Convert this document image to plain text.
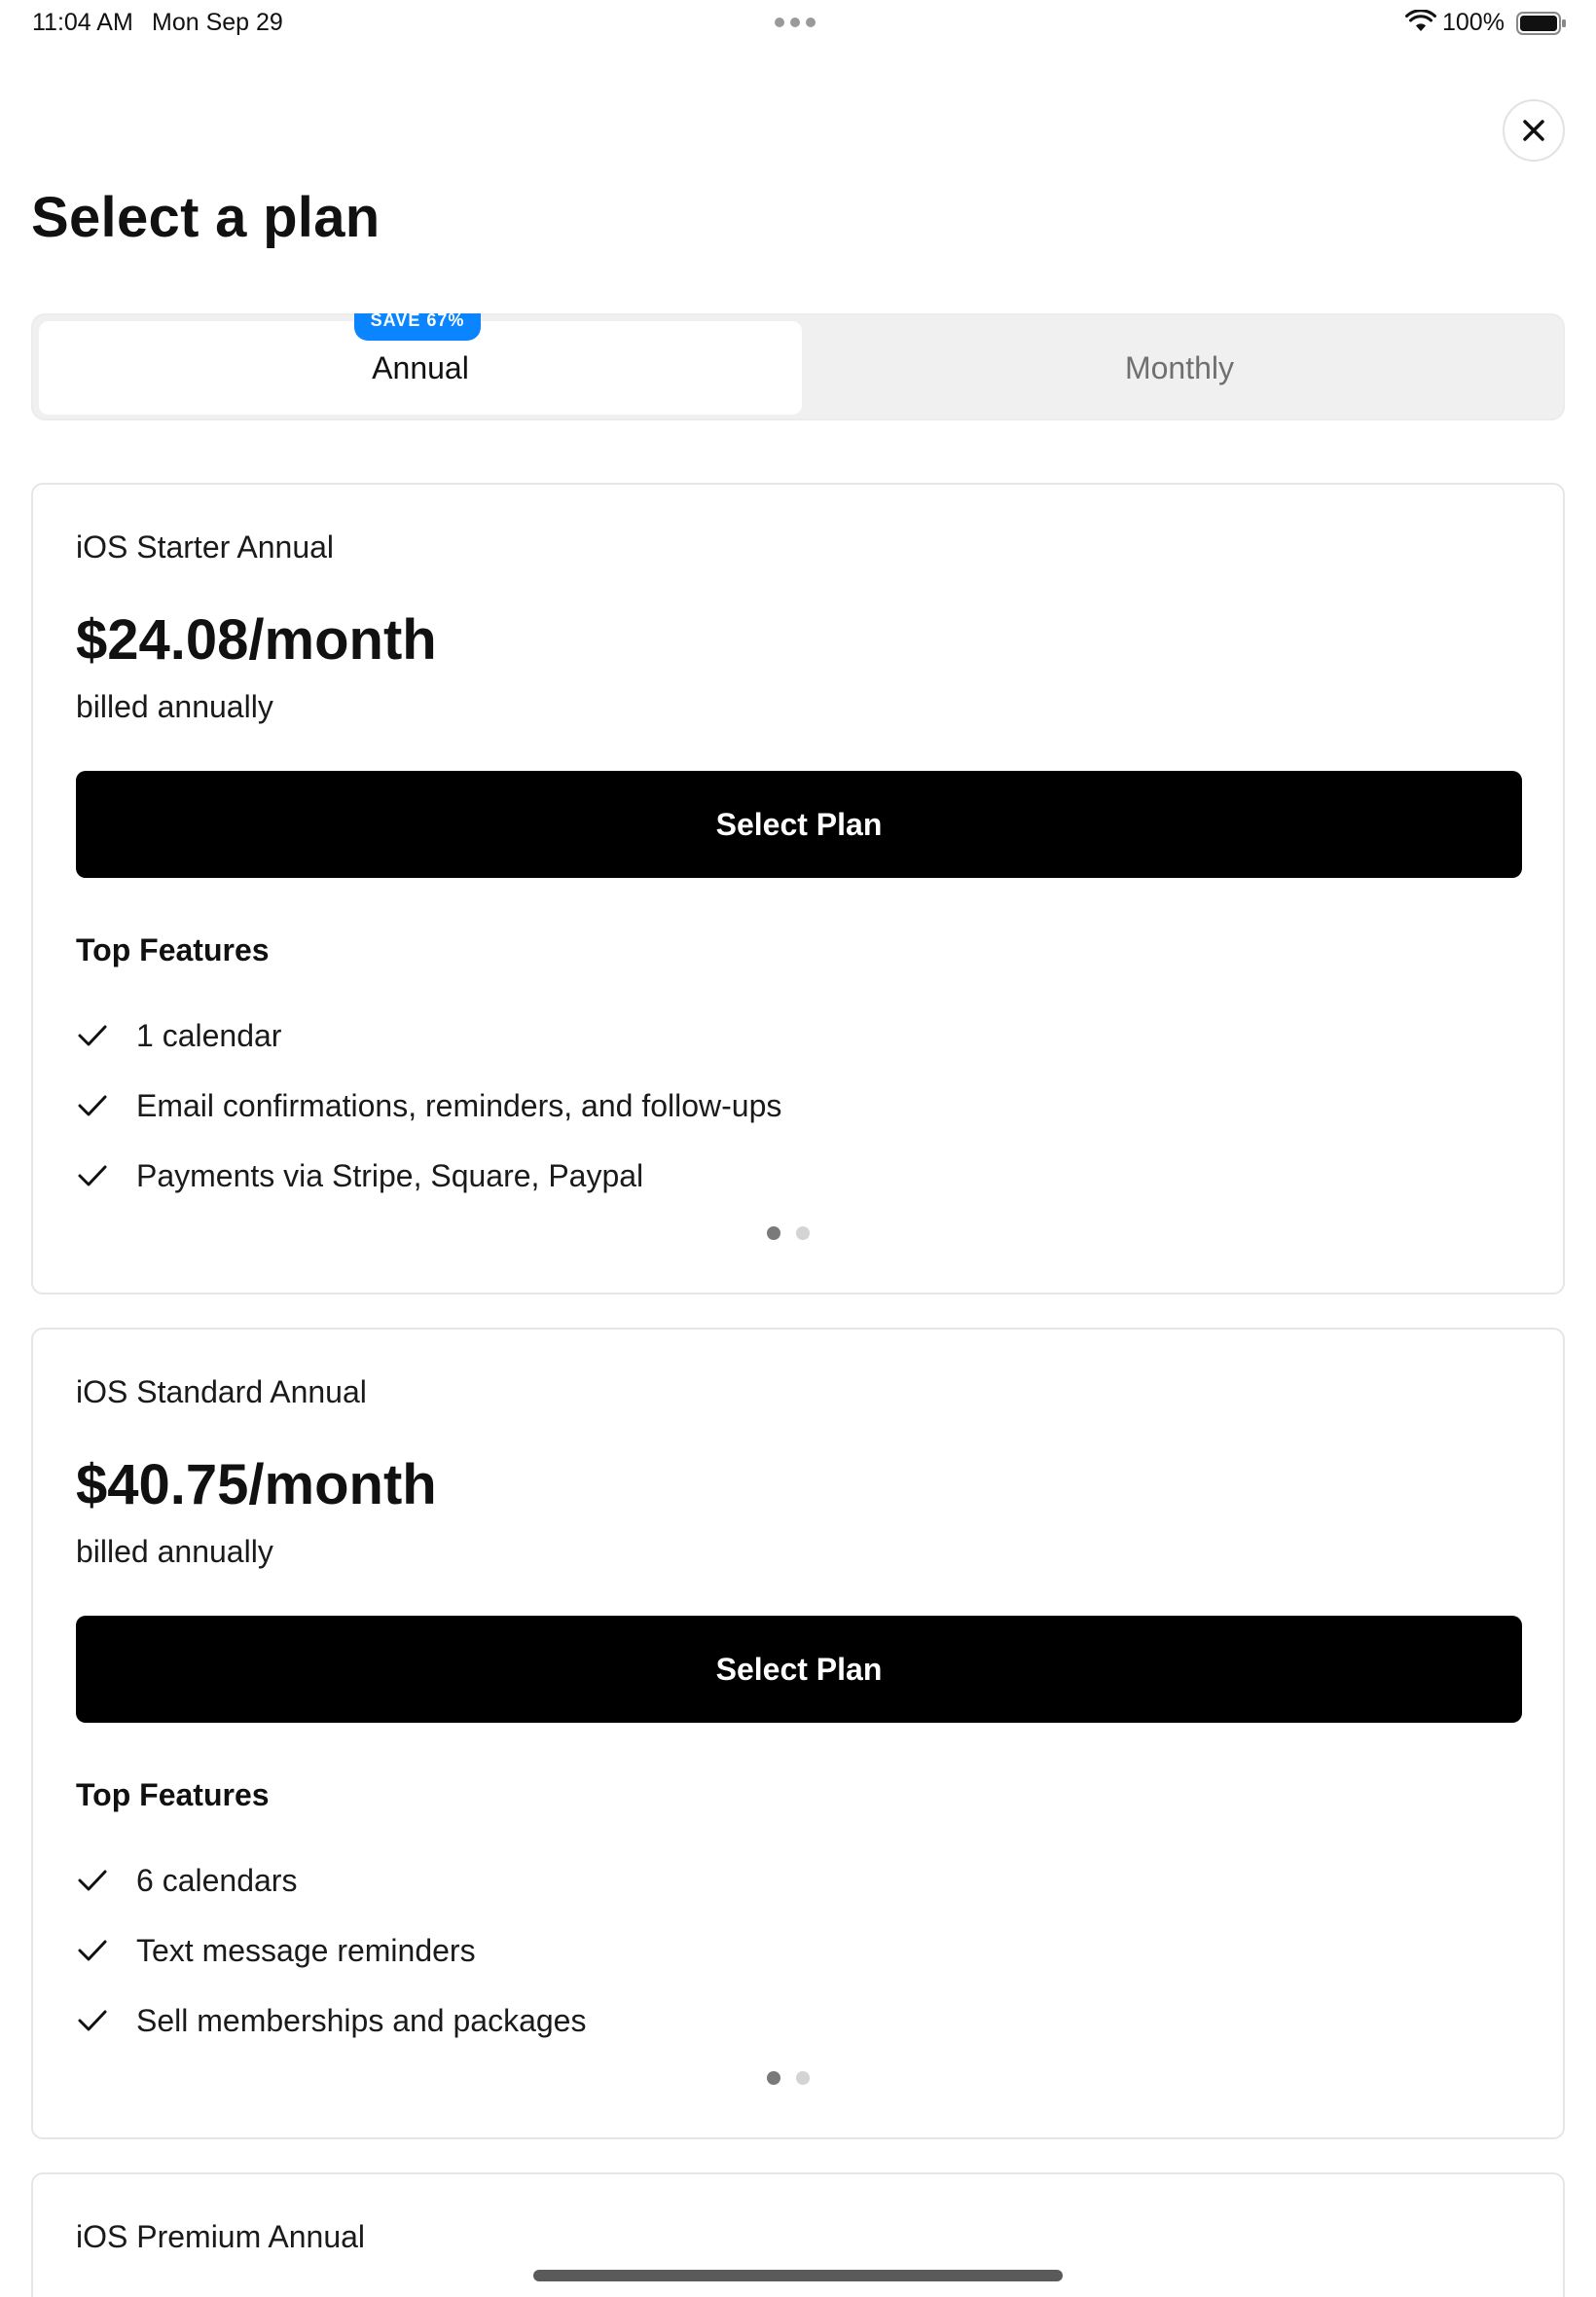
11:04 AM Mon Sep 29	100%
Select a plan
Annual	Monthly
SAVE 67%
iOS Starter Annual
$24.08/month
billed annually
Select Plan
Top Features
1 calendar
Email confirmations, reminders, and follow-ups
Payments via Stripe, Square, Paypal
iOS Standard Annual
$40.75/month
billed annually
Select Plan
Top Features
6 calendars
Text message reminders
Sell memberships and packages
iOS Premium Annual
